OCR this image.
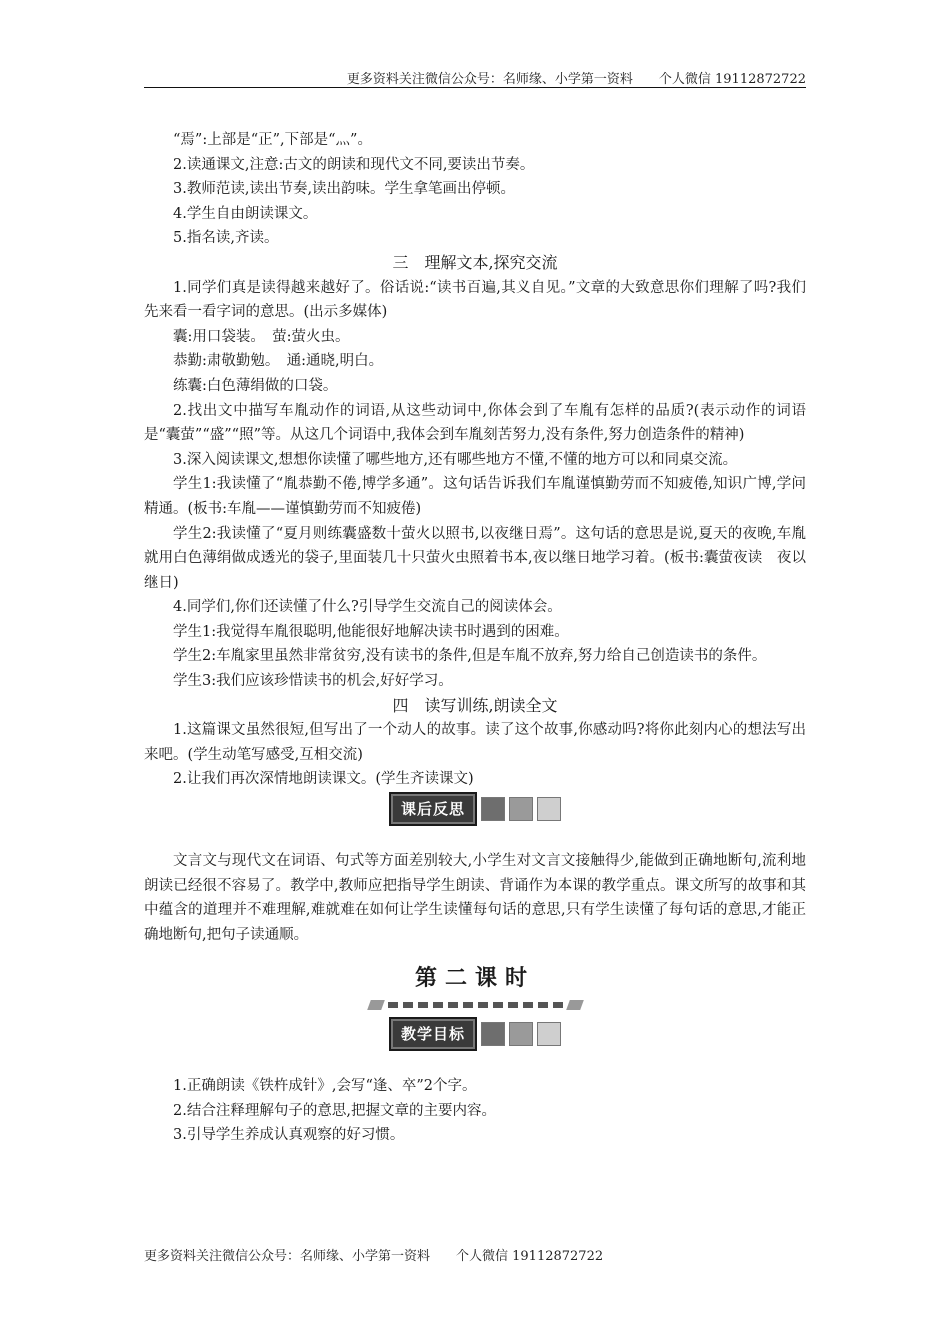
更多资料关注微信公众号：名师缘、小学第一资料　　个人微信 19112872722

“焉”:上部是“正”,下部是“灬”。

2.读通课文,注意:古文的朗读和现代文不同,要读出节奏。

3.教师范读,读出节奏,读出韵味。学生拿笔画出停顿。

4.学生自由朗读课文。

5.指名读,齐读。

三　理解文本,探究交流

1.同学们真是读得越来越好了。俗话说:“读书百遍,其义自见。”文章的大致意思你们理解了吗?我们先来看一看字词的意思。(出示多媒体)

囊:用口袋装。　萤:萤火虫。

恭勤:肃敬勤勉。　通:通晓,明白。

练囊:白色薄绢做的口袋。

2.找出文中描写车胤动作的词语,从这些动词中,你体会到了车胤有怎样的品质?(表示动作的词语是“囊萤”“盛”“照”等。从这几个词语中,我体会到车胤刻苦努力,没有条件,努力创造条件的精神)

3.深入阅读课文,想想你读懂了哪些地方,还有哪些地方不懂,不懂的地方可以和同桌交流。

学生1:我读懂了“胤恭勤不倦,博学多通”。这句话告诉我们车胤谨慎勤劳而不知疲倦,知识广博,学问精通。(板书:车胤——谨慎勤劳而不知疲倦)

学生2:我读懂了“夏月则练囊盛数十萤火以照书,以夜继日焉”。这句话的意思是说,夏天的夜晚,车胤就用白色薄绢做成透光的袋子,里面装几十只萤火虫照着书本,夜以继日地学习着。(板书:囊萤夜读　夜以继日)

4.同学们,你们还读懂了什么?引导学生交流自己的阅读体会。

学生1:我觉得车胤很聪明,他能很好地解决读书时遇到的困难。

学生2:车胤家里虽然非常贫穷,没有读书的条件,但是车胤不放弃,努力给自己创造读书的条件。

学生3:我们应该珍惜读书的机会,好好学习。

四　读写训练,朗读全文

1.这篇课文虽然很短,但写出了一个动人的故事。读了这个故事,你感动吗?将你此刻内心的想法写出来吧。(学生动笔写感受,互相交流)

2.让我们再次深情地朗读课文。(学生齐读课文)

课后反思

文言文与现代文在词语、句式等方面差别较大,小学生对文言文接触得少,能做到正确地断句,流利地朗读已经很不容易了。教学中,教师应把指导学生朗读、背诵作为本课的教学重点。课文所写的故事和其中蕴含的道理并不难理解,难就难在如何让学生读懂每句话的意思,只有学生读懂了每句话的意思,才能正确地断句,把句子读通顺。

第二课时
教学目标

1.正确朗读《铁杵成针》,会写“逢、卒”2个字。

2.结合注释理解句子的意思,把握文章的主要内容。

3.引导学生养成认真观察的好习惯。

更多资料关注微信公众号：名师缘、小学第一资料　　个人微信 19112872722
